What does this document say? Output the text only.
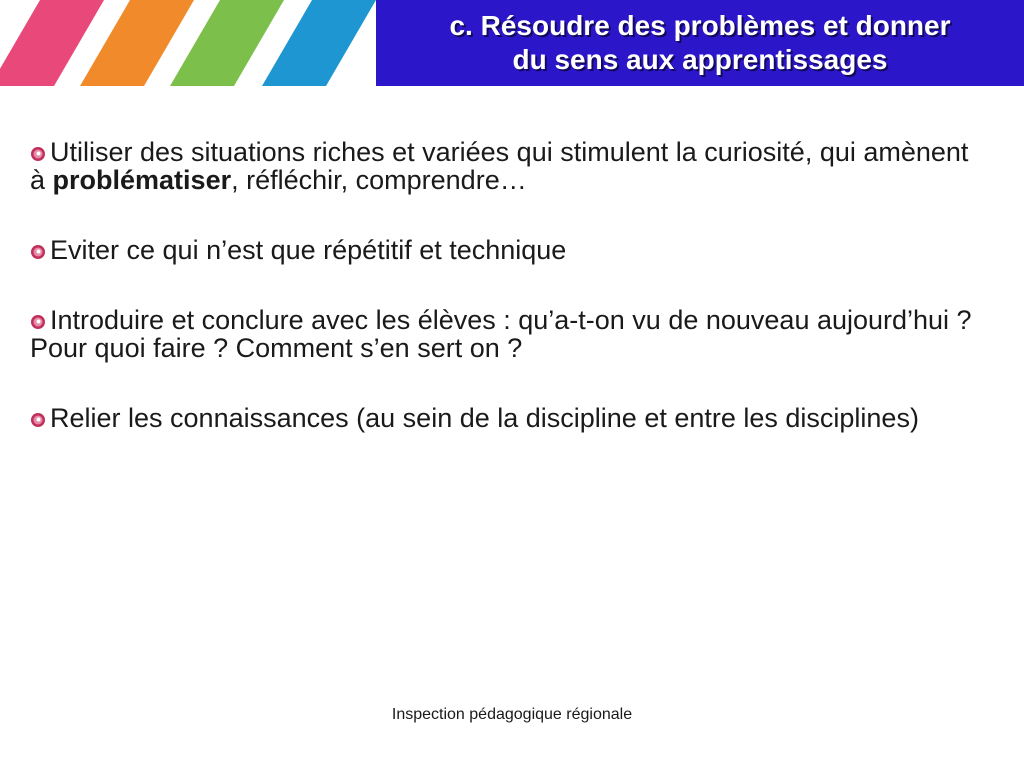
c. Résoudre des problèmes et donner
du sens aux apprentissages
Utiliser des situations riches et variées qui stimulent la curiosité, qui amènent à problématiser, réfléchir, comprendre…
Eviter ce qui n’est que répétitif et technique
Introduire et conclure avec les élèves : qu’a-t-on vu de nouveau aujourd’hui ? Pour quoi faire ? Comment s’en sert on ?
Relier les connaissances (au sein de la discipline et entre les disciplines)
Inspection pédagogique régionale
